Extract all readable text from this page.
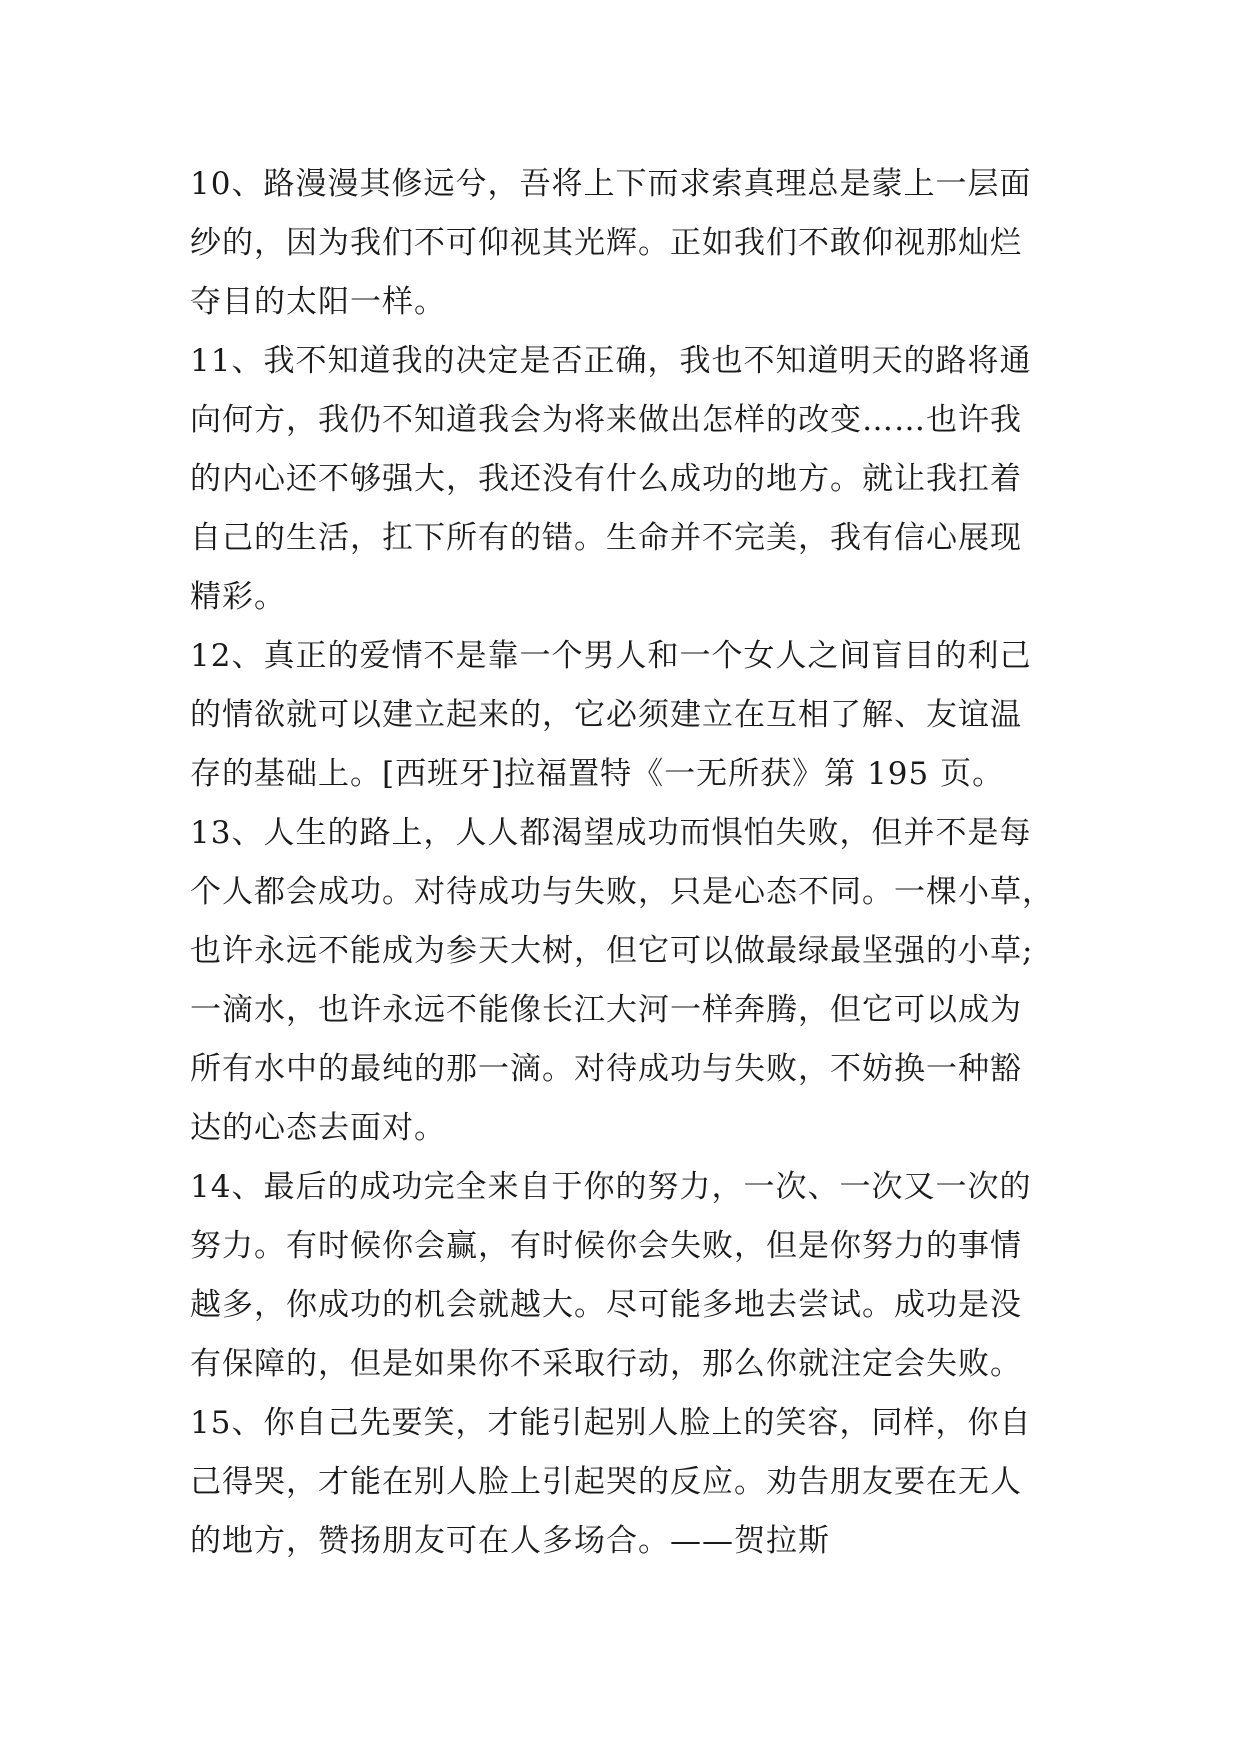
10、路漫漫其修远兮，吾将上下而求索真理总是蒙上一层面
纱的，因为我们不可仰视其光辉。正如我们不敢仰视那灿烂
夺目的太阳一样。
11、我不知道我的决定是否正确，我也不知道明天的路将通
向何方，我仍不知道我会为将来做出怎样的改变……也许我
的内心还不够强大，我还没有什么成功的地方。就让我扛着
自己的生活，扛下所有的错。生命并不完美，我有信心展现
精彩。
12、真正的爱情不是靠一个男人和一个女人之间盲目的利己
的情欲就可以建立起来的，它必须建立在互相了解、友谊温
存的基础上。[西班牙]拉福置特《一无所获》第 195 页。
13、人生的路上，人人都渴望成功而惧怕失败，但并不是每
个人都会成功。对待成功与失败，只是心态不同。一棵小草，
也许永远不能成为参天大树，但它可以做最绿最坚强的小草;
一滴水，也许永远不能像长江大河一样奔腾，但它可以成为
所有水中的最纯的那一滴。对待成功与失败，不妨换一种豁
达的心态去面对。
14、最后的成功完全来自于你的努力，一次、一次又一次的
努力。有时候你会赢，有时候你会失败，但是你努力的事情
越多，你成功的机会就越大。尽可能多地去尝试。成功是没
有保障的，但是如果你不采取行动，那么你就注定会失败。
15、你自己先要笑，才能引起别人脸上的笑容，同样，你自
己得哭，才能在别人脸上引起哭的反应。劝告朋友要在无人
的地方，赞扬朋友可在人多场合。——贺拉斯
